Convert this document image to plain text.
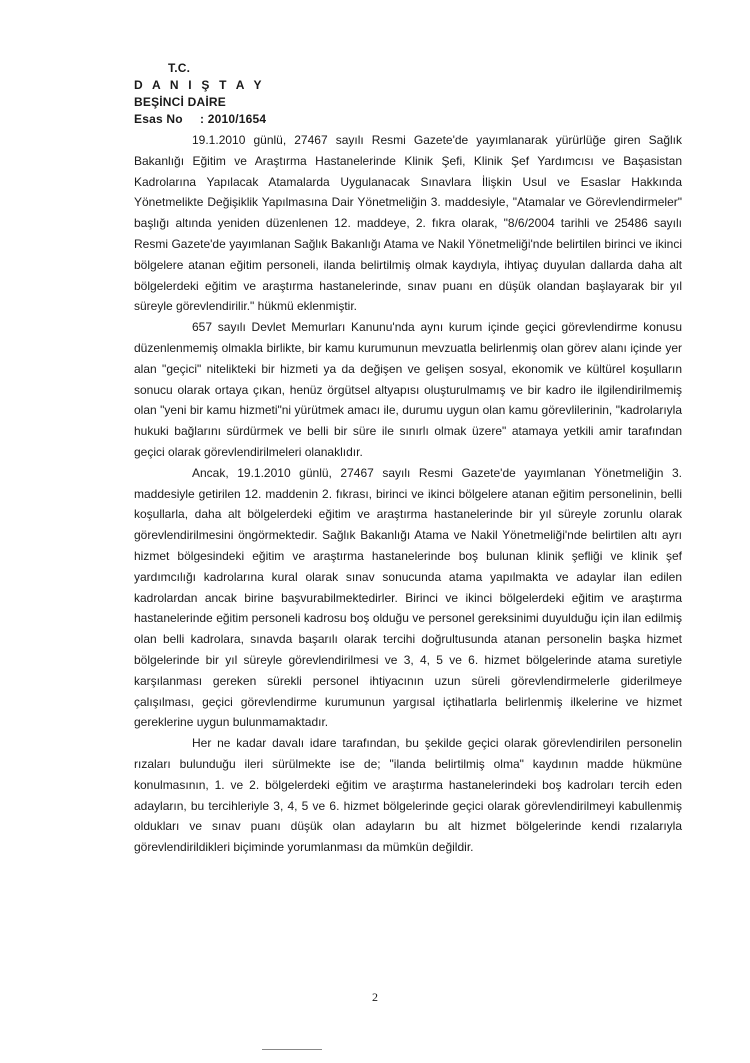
T.C.
D A N I Ş T A Y
BEŞİNCİ DAİRE
Esas No : 2010/1654

19.1.2010 günlü, 27467 sayılı Resmi Gazete'de yayımlanarak yürürlüğe giren Sağlık Bakanlığı Eğitim ve Araştırma Hastanelerinde Klinik Şefi, Klinik Şef Yardımcısı ve Başasistan Kadrolarına Yapılacak Atamalarda Uygulanacak Sınavlara İlişkin Usul ve Esaslar Hakkında Yönetmelikte Değişiklik Yapılmasına Dair Yönetmeliğin 3. maddesiyle, "Atamalar ve Görevlendirmeler" başlığı altında yeniden düzenlenen 12. maddeye, 2. fıkra olarak, "8/6/2004 tarihli ve 25486 sayılı Resmi Gazete'de yayımlanan Sağlık Bakanlığı Atama ve Nakil Yönetmeliği'nde belirtilen birinci ve ikinci bölgelere atanan eğitim personeli, ilanda belirtilmiş olmak kaydıyla, ihtiyaç duyulan dallarda daha alt bölgelerdeki eğitim ve araştırma hastanelerinde, sınav puanı en düşük olandan başlayarak bir yıl süreyle görevlendirilir." hükmü eklenmiştir.

657 sayılı Devlet Memurları Kanunu'nda aynı kurum içinde geçici görevlendirme konusu düzenlenmemiş olmakla birlikte, bir kamu kurumunun mevzuatla belirlenmiş olan görev alanı içinde yer alan "geçici" nitelikteki bir hizmeti ya da değişen ve gelişen sosyal, ekonomik ve kültürel koşulların sonucu olarak ortaya çıkan, henüz örgütsel altyapısı oluşturulmamış ve bir kadro ile ilgilendirilmemiş olan "yeni bir kamu hizmeti"ni yürütmek amacı ile, durumu uygun olan kamu görevlilerinin, "kadrolarıyla hukuki bağlarını sürdürmek ve belli bir süre ile sınırlı olmak üzere" atamaya yetkili amir tarafından geçici olarak görevlendirilmeleri olanaklıdır.

Ancak, 19.1.2010 günlü, 27467 sayılı Resmi Gazete'de yayımlanan Yönetmeliğin 3. maddesiyle getirilen 12. maddenin 2. fıkrası, birinci ve ikinci bölgelere atanan eğitim personelinin, belli koşullarla, daha alt bölgelerdeki eğitim ve araştırma hastanelerinde bir yıl süreyle zorunlu olarak görevlendirilmesini öngörmektedir. Sağlık Bakanlığı Atama ve Nakil Yönetmeliği'nde belirtilen altı ayrı hizmet bölgesindeki eğitim ve araştırma hastanelerinde boş bulunan klinik şefliği ve klinik şef yardımcılığı kadrolarına kural olarak sınav sonucunda atama yapılmakta ve adaylar ilan edilen kadrolardan ancak birine başvurabilmektedirler. Birinci ve ikinci bölgelerdeki eğitim ve araştırma hastanelerinde eğitim personeli kadrosu boş olduğu ve personel gereksinimi duyulduğu için ilan edilmiş olan belli kadrolara, sınavda başarılı olarak tercihi doğrultusunda atanan personelin başka hizmet bölgelerinde bir yıl süreyle görevlendirilmesi ve 3, 4, 5 ve 6. hizmet bölgelerinde atama suretiyle karşılanması gereken sürekli personel ihtiyacının uzun süreli görevlendirmelerle giderilmeye çalışılması, geçici görevlendirme kurumunun yargısal içtihatlarla belirlenmiş ilkelerine ve hizmet gereklerine uygun bulunmamaktadır.

Her ne kadar davalı idare tarafından, bu şekilde geçici olarak görevlendirilen personelin rızaları bulunduğu ileri sürülmekte ise de; "ilanda belirtilmiş olma" kaydının madde hükmüne konulmasının, 1. ve 2. bölgelerdeki eğitim ve araştırma hastanelerindeki boş kadroları tercih eden adayların, bu tercihleriyle 3, 4, 5 ve 6. hizmet bölgelerinde geçici olarak görevlendirilmeyi kabullenmiş oldukları ve sınav puanı düşük olan adayların bu alt hizmet bölgelerinde kendi rızalarıyla görevlendirildikleri biçiminde yorumlanması da mümkün değildir.

2
